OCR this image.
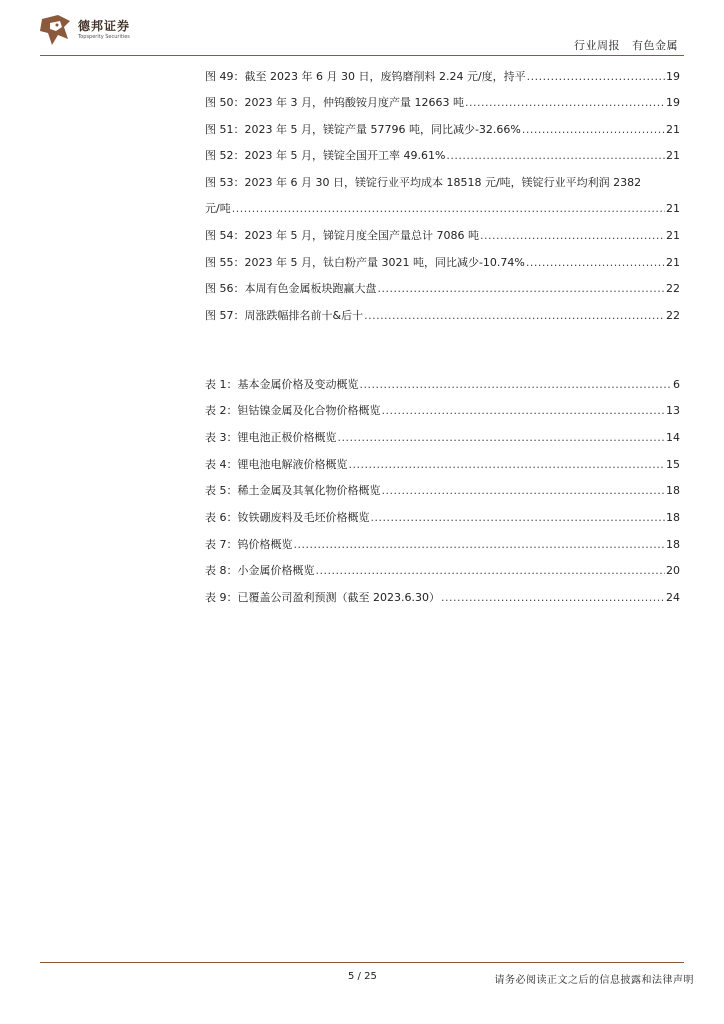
德邦证券
Topsperity Securities
行业周报 有色金属
图 49：截至 2023 年 6 月 30 日，废钨磨削料 2.24 元/度，持平 .....	19
图 50：2023 年 3 月，仲钨酸铵月度产量 12663 吨 .....	19
图 51：2023 年 5 月，镁锭产量 57796 吨，同比减少-32.66% .....	21
图 52：2023 年 5 月，镁锭全国开工率 49.61% .....	21
图 53：2023 年 6 月 30 日，镁锭行业平均成本 18518 元/吨，镁锭行业平均利润 2382
元/吨 .....	21
图 54：2023 年 5 月，锑锭月度全国产量总计 7086 吨 .....	21
图 55：2023 年 5 月，钛白粉产量 3021 吨，同比减少-10.74% .....	21
图 56：本周有色金属板块跑赢大盘 .....	22
图 57：周涨跌幅排名前十&后十 .....	22
表 1：基本金属价格及变动概览 .....	6
表 2：钽钴镍金属及化合物价格概览 .....	13
表 3：锂电池正极价格概览 .....	14
表 4：锂电池电解液价格概览 .....	15
表 5：稀土金属及其氧化物价格概览 .....	18
表 6：钕铁硼废料及毛坯价格概览 .....	18
表 7：钨价格概览 .....	18
表 8：小金属价格概览 .....	20
表 9：已覆盖公司盈利预测（截至 2023.6.30） .....	24
5 / 25	请务必阅读正文之后的信息披露和法律声明
